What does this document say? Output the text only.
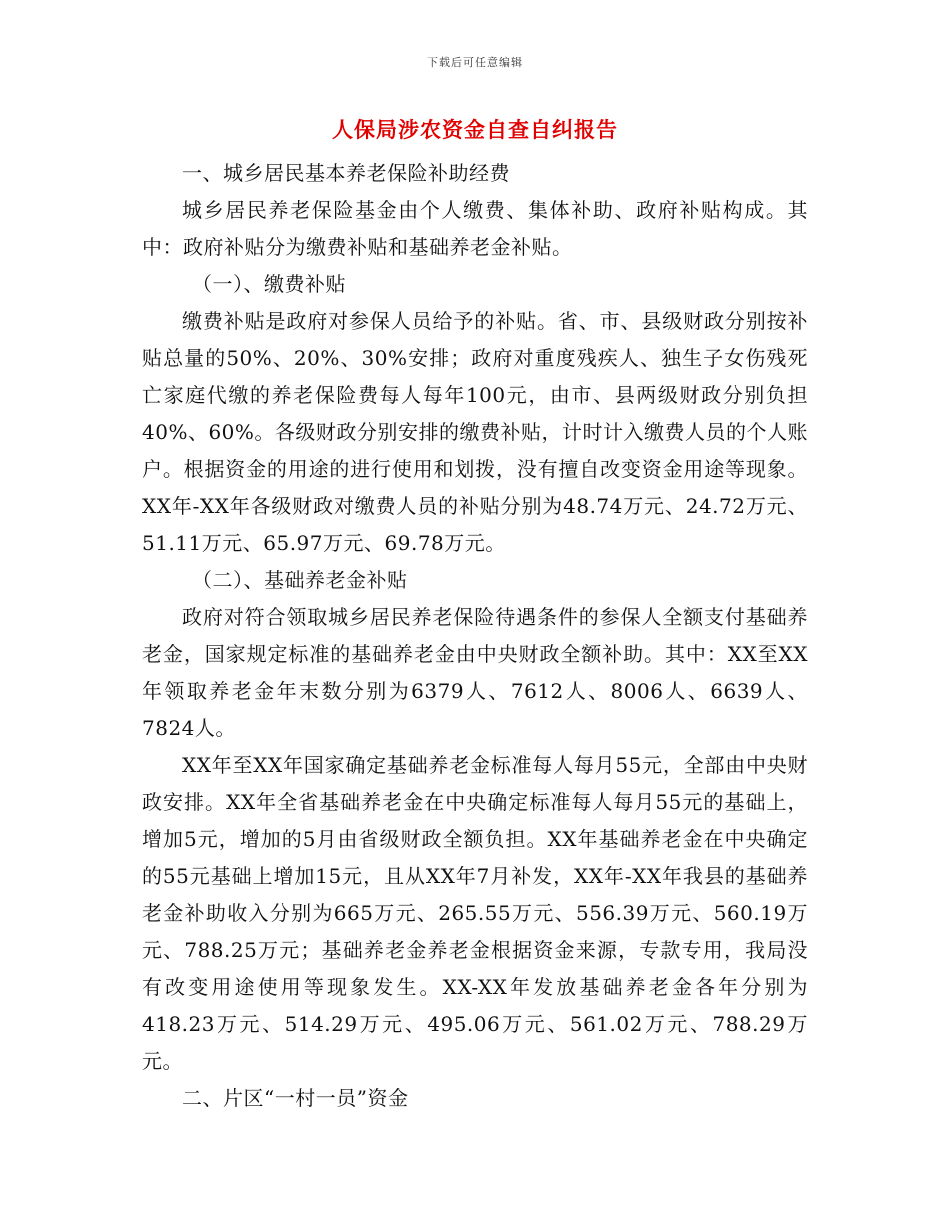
下载后可任意编辑
人保局涉农资金自查自纠报告

一、城乡居民基本养老保险补助经费

城乡居民养老保险基金由个人缴费、集体补助、政府补贴构成。其中：政府补贴分为缴费补贴和基础养老金补贴。

（一）、缴费补贴

缴费补贴是政府对参保人员给予的补贴。省、市、县级财政分别按补贴总量的50%、20%、30%安排；政府对重度残疾人、独生子女伤残死亡家庭代缴的养老保险费每人每年100元，由市、县两级财政分别负担40%、60%。各级财政分别安排的缴费补贴，计时计入缴费人员的个人账户。根据资金的用途的进行使用和划拨，没有擅自改变资金用途等现象。XX年-XX年各级财政对缴费人员的补贴分别为48.74万元、24.72万元、51.11万元、65.97万元、69.78万元。

（二）、基础养老金补贴

政府对符合领取城乡居民养老保险待遇条件的参保人全额支付基础养老金，国家规定标准的基础养老金由中央财政全额补助。其中：XX至XX年领取养老金年末数分别为6379人、7612人、8006人、6639人、7824人。

XX年至XX年国家确定基础养老金标准每人每月55元，全部由中央财政安排。XX年全省基础养老金在中央确定标准每人每月55元的基础上，增加5元，增加的5月由省级财政全额负担。XX年基础养老金在中央确定的55元基础上增加15元，且从XX年7月补发，XX年-XX年我县的基础养老金补助收入分别为665万元、265.55万元、556.39万元、560.19万元、788.25万元；基础养老金养老金根据资金来源，专款专用，我局没有改变用途使用等现象发生。XX-XX年发放基础养老金各年分别为418.23万元、514.29万元、495.06万元、561.02万元、788.29万元。

二、片区“一村一员”资金
